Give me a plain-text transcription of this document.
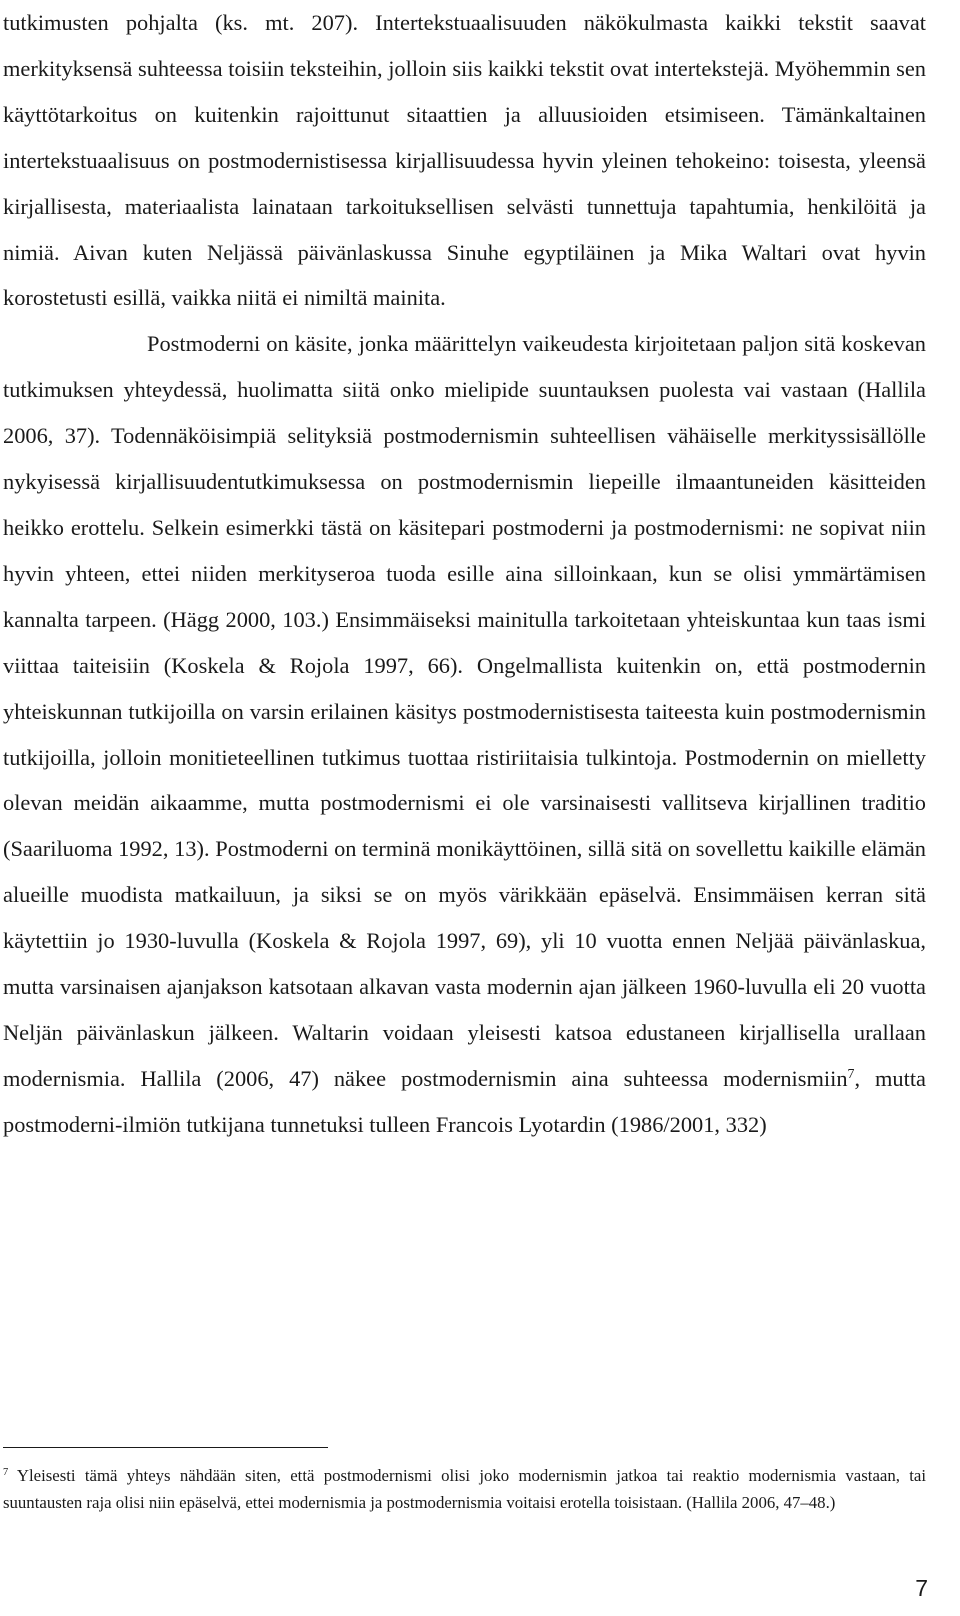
tutkimusten pohjalta (ks. mt. 207). Intertekstuaalisuuden näkökulmasta kaikki tekstit saavat merkityksensä suhteessa toisiin teksteihin, jolloin siis kaikki tekstit ovat intertekstejä. Myöhemmin sen käyttötarkoitus on kuitenkin rajoittunut sitaattien ja alluusioiden etsimiseen. Tämänkaltainen intertekstuaalisuus on postmodernistisessa kirjallisuudessa hyvin yleinen tehokeino: toisesta, yleensä kirjallisesta, materiaalista lainataan tarkoituksellisen selvästi tunnettuja tapahtumia, henkilöitä ja nimiä. Aivan kuten Neljässä päivänlaskussa Sinuhe egyptiläinen ja Mika Waltari ovat hyvin korostetusti esillä, vaikka niitä ei nimiltä mainita.

Postmoderni on käsite, jonka määrittelyn vaikeudesta kirjoitetaan paljon sitä koskevan tutkimuksen yhteydessä, huolimatta siitä onko mielipide suuntauksen puolesta vai vastaan (Hallila 2006, 37). Todennäköisimpiä selityksiä postmodernismin suhteellisen vähäiselle merkityssisällölle nykyisessä kirjallisuudentutkimuksessa on postmodernismin liepeille ilmaantuneiden käsitteiden heikko erottelu. Selkein esimerkki tästä on käsitepari postmoderni ja postmodernismi: ne sopivat niin hyvin yhteen, ettei niiden merkityseroa tuoda esille aina silloinkaan, kun se olisi ymmärtämisen kannalta tarpeen. (Hägg 2000, 103.) Ensimmäiseksi mainitulla tarkoitetaan yhteiskuntaa kun taas ismi viittaa taiteisiin (Koskela & Rojola 1997, 66). Ongelmallista kuitenkin on, että postmodernin yhteiskunnan tutkijoilla on varsin erilainen käsitys postmodernistisesta taiteesta kuin postmodernismin tutkijoilla, jolloin monitieteellinen tutkimus tuottaa ristiriitaisia tulkintoja. Postmodernin on mielletty olevan meidän aikaamme, mutta postmodernismi ei ole varsinaisesti vallitseva kirjallinen traditio (Saariluoma 1992, 13). Postmoderni on terminä monikäyttöinen, sillä sitä on sovellettu kaikille elämän alueille muodista matkailuun, ja siksi se on myös värikkään epäselvä. Ensimmäisen kerran sitä käytettiin jo 1930-luvulla (Koskela & Rojola 1997, 69), yli 10 vuotta ennen Neljää päivänlaskua, mutta varsinaisen ajanjakson katsotaan alkavan vasta modernin ajan jälkeen 1960-luvulla eli 20 vuotta Neljän päivänlaskun jälkeen. Waltarin voidaan yleisesti katsoa edustaneen kirjallisella urallaan modernismia. Hallila (2006, 47) näkee postmodernismin aina suhteessa modernismiin$^7$, mutta postmoderni-ilmiön tutkijana tunnetuksi tulleen Francois Lyotardin (1986/2001, 332)

$^7$ Yleisesti tämä yhteys nähdään siten, että postmodernismi olisi joko modernismin jatkoa tai reaktio modernismia vastaan, tai suuntausten raja olisi niin epäselvä, ettei modernismia ja postmodernismia voitaisi erotella toisistaan. (Hallila 2006, 47–48.)

7
